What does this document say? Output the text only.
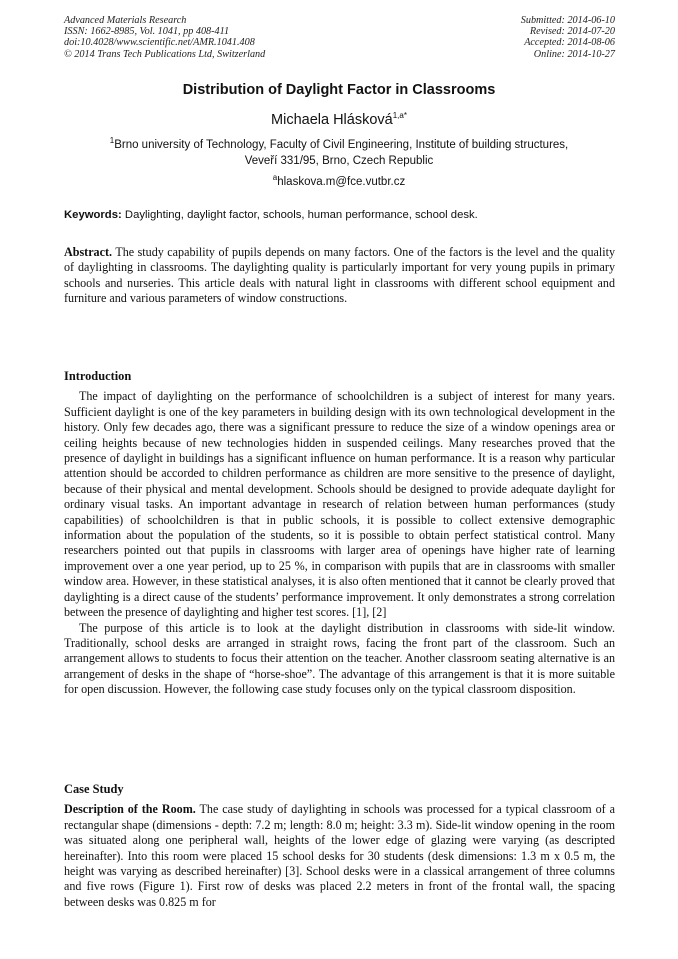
Advanced Materials Research
ISSN: 1662-8985, Vol. 1041, pp 408-411
doi:10.4028/www.scientific.net/AMR.1041.408
© 2014 Trans Tech Publications Ltd, Switzerland
Submitted: 2014-06-10
Revised: 2014-07-20
Accepted: 2014-08-06
Online: 2014-10-27
Distribution of Daylight Factor in Classrooms
Michaela Hlásková$^{1,a*}$
$^1$Brno university of Technology, Faculty of Civil Engineering, Institute of building structures,
Veveří 331/95, Brno, Czech Republic
$^a$hlaskova.m@fce.vutbr.cz
Keywords: Daylighting, daylight factor, schools, human performance, school desk.

Abstract. The study capability of pupils depends on many factors. One of the factors is the level and the quality of daylighting in classrooms. The daylighting quality is particularly important for very young pupils in primary schools and nurseries. This article deals with natural light in classrooms with different school equipment and furniture and various parameters of window constructions.

Introduction

The impact of daylighting on the performance of schoolchildren is a subject of interest for many years. Sufficient daylight is one of the key parameters in building design with its own technological development in the history. Only few decades ago, there was a significant pressure to reduce the size of a window openings area or ceiling heights because of new technologies hidden in suspended ceilings. Many researches proved that the presence of daylight in buildings has a significant influence on human performance. It is a reason why particular attention should be accorded to children performance as children are more sensitive to the presence of daylight, because of their physical and mental development. Schools should be designed to provide adequate daylight for ordinary visual tasks. An important advantage in research of relation between human performances (study capabilities) of schoolchildren is that in public schools, it is possible to collect extensive demographic information about the population of the students, so it is possible to obtain perfect statistical control. Many researchers pointed out that pupils in classrooms with larger area of openings have higher rate of learning improvement over a one year period, up to 25 %, in comparison with pupils that are in classrooms with smaller window area. However, in these statistical analyses, it is also often mentioned that it cannot be clearly proved that daylighting is a direct cause of the students’ performance improvement. It only demonstrates a strong correlation between the presence of daylighting and higher test scores. [1], [2]

The purpose of this article is to look at the daylight distribution in classrooms with side-lit window. Traditionally, school desks are arranged in straight rows, facing the front part of the classroom. Such an arrangement allows to students to focus their attention on the teacher. Another classroom seating alternative is an arrangement of desks in the shape of “horse-shoe”. The advantage of this arrangement is that it is more suitable for open discussion. However, the following case study focuses only on the typical classroom disposition.

Case Study

Description of the Room. The case study of daylighting in schools was processed for a typical classroom of a rectangular shape (dimensions - depth: 7.2 m; length: 8.0 m; height: 3.3 m). Side-lit window opening in the room was situated along one peripheral wall, heights of the lower edge of glazing were varying (as descripted hereinafter). Into this room were placed 15 school desks for 30 students (desk dimensions: 1.3 m x 0.5 m, the height was varying as described hereinafter) [3]. School desks were in a classical arrangement of three columns and five rows (Figure 1). First row of desks was placed 2.2 meters in front of the frontal wall, the spacing between desks was 0.825 m for
